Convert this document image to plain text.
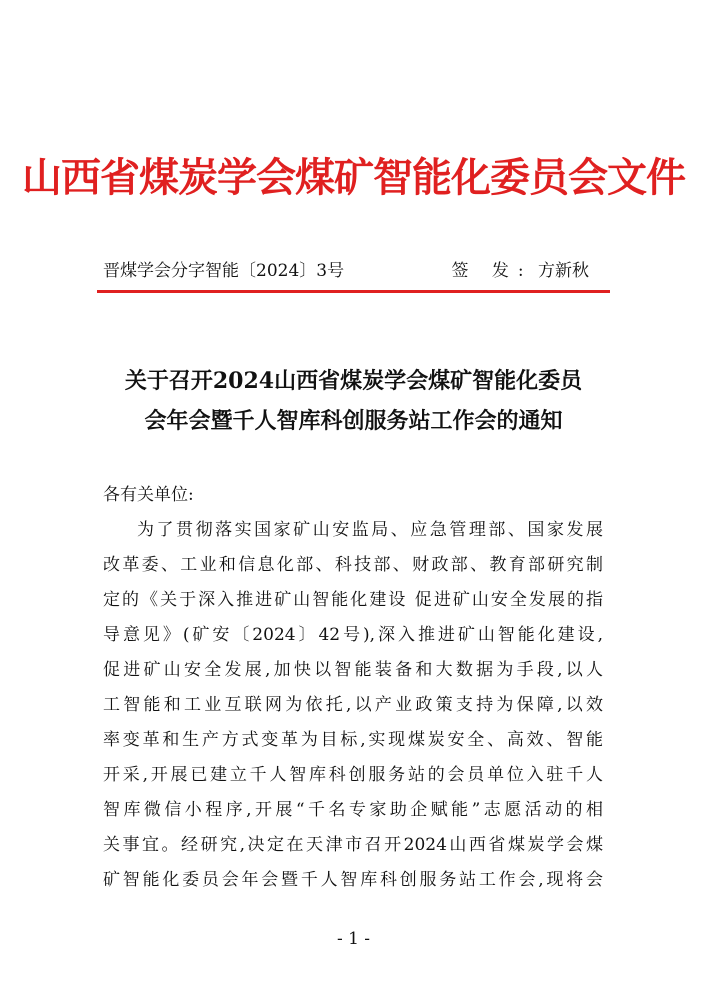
山西省煤炭学会煤矿智能化委员会文件
晋煤学会分字智能〔2024〕3号	签 发: 方新秋
关于召开2024山西省煤炭学会煤矿智能化委员
会年会暨千人智库科创服务站工作会的通知
各有关单位:
为了贯彻落实国家矿山安监局、应急管理部、国家发展
改革委、工业和信息化部、科技部、财政部、教育部研究制
定的《关于深入推进矿山智能化建设 促进矿山安全发展的指
导意见》(矿安〔2024〕42号),深入推进矿山智能化建设,
促进矿山安全发展,加快以智能装备和大数据为手段,以人
工智能和工业互联网为依托,以产业政策支持为保障,以效
率变革和生产方式变革为目标,实现煤炭安全、高效、智能
开采,开展已建立千人智库科创服务站的会员单位入驻千人
智库微信小程序,开展“千名专家助企赋能”志愿活动的相
关事宜。经研究,决定在天津市召开2024山西省煤炭学会煤
矿智能化委员会年会暨千人智库科创服务站工作会,现将会
- 1 -
